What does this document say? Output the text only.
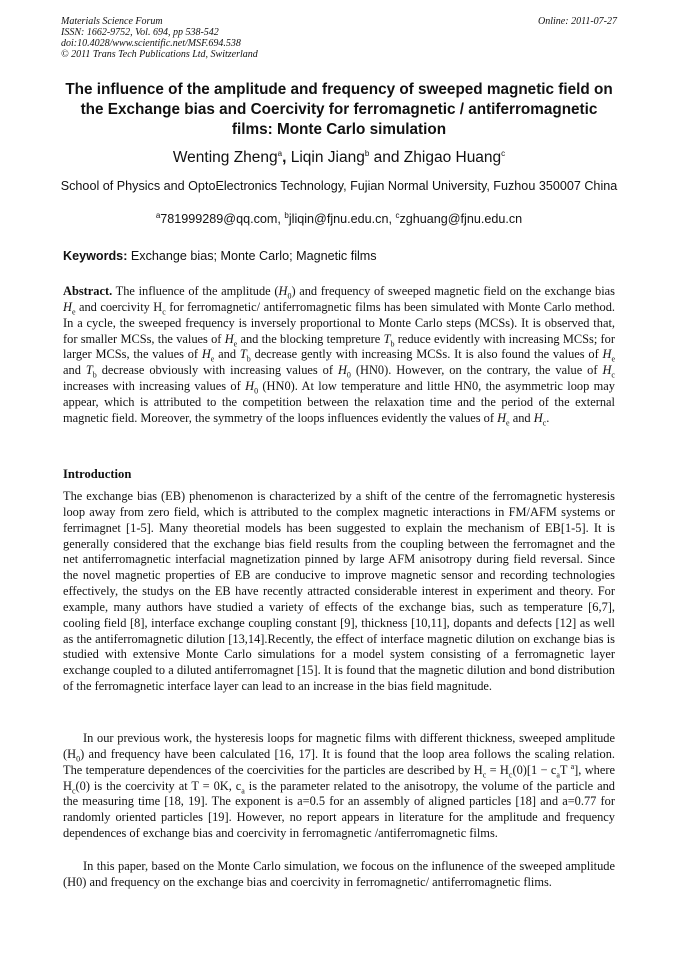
Materials Science Forum
ISSN: 1662-9752, Vol. 694, pp 538-542
doi:10.4028/www.scientific.net/MSF.694.538
© 2011 Trans Tech Publications Ltd, Switzerland
Online: 2011-07-27
The influence of the amplitude and frequency of sweeped magnetic field on the Exchange bias and Coercivity for ferromagnetic / antiferromagnetic films: Monte Carlo simulation
Wenting Zheng$^a$, Liqin Jiang$^b$ and Zhigao Huang$^c$
School of Physics and OptoElectronics Technology, Fujian Normal University, Fuzhou 350007 China
$^a$781999289@qq.com, $^b$jliqin@fjnu.edu.cn, $^c$zghuang@fjnu.edu.cn
Keywords: Exchange bias; Monte Carlo; Magnetic films
Abstract. The influence of the amplitude $(H_0)$ and frequency of sweeped magnetic field on the exchange bias $H_e$ and coercivity $H_c$ for ferromagnetic/ antiferromagnetic films has been simulated with Monte Carlo method. In a cycle, the sweeped frequency is inversely proportional to Monte Carlo steps (MCSs). It is observed that, for smaller MCSs, the values of $H_e$ and the blocking tempreture $T_b$ reduce evidently with increasing MCSs; for larger MCSs, the values of $H_e$ and $T_b$ decrease gently with increasing MCSs. It is also found the values of $H_e$ and $T_b$ decrease obviously with increasing values of $H_0$ (HN0). However, on the contrary, the value of $H_c$ increases with increasing values of $H_0$ (HN0). At low temperature and little HN0, the asymmetric loop may appear, which is attributed to the competition between the relaxation time and the period of the external magnetic field. Moreover, the symmetry of the loops influences evidently the values of $H_e$ and $H_c$.
Introduction
The exchange bias (EB) phenomenon is characterized by a shift of the centre of the ferromagnetic hysteresis loop away from zero field, which is attributed to the complex magnetic interactions in FM/AFM systems or ferrimagnet [1-5]. Many theoretial models has been suggested to explain the mechanism of EB[1-5]. It is generally considered that the exchange bias field results from the coupling between the ferromagnet and the net antiferromagnetic interfacial magnetization pinned by large AFM anisotropy during field reversal. Since the novel magnetic properties of EB are conducive to improve magnetic sensor and recording technologies effectively, the studys on the EB have recently attracted considerable interest in experiment and theory. For example, many authors have studied a variety of effects of the exchange bias, such as temperature [6,7], cooling field [8], interface exchange coupling constant [9], thickness [10,11], dopants and defects [12] as well as the antiferromagnetic dilution [13,14].Recently, the effect of interface magnetic dilution on exchange bias is studied with extensive Monte Carlo simulations for a model system consisting of a ferromagnetic layer exchange coupled to a diluted antiferromagnet [15]. It is found that the magnetic dilution and bond distribution of the ferromagnetic interface layer can lead to an increase in the bias field magnitude.
In our previous work, the hysteresis loops for magnetic films with different thickness, sweeped amplitude $(H_0)$ and frequency have been calculated [16, 17]. It is found that the loop area follows the scaling relation. The temperature dependences of the coercivities for the particles are described by $H_c = H_c(0)[1 - c_aT$ $^a$], where $H_c(0)$ is the coercivity at T = 0K, $c_a$ is the parameter related to the anisotropy, the volume of the particle and the measuring time [18, 19]. The exponent is a=0.5 for an assembly of aligned particles [18] and a=0.77 for randomly oriented particles [19]. However, no report appears in literature for the amplitude and frequency dependences of exchange bias and coercivity in ferromagnetic /antiferromagnetic films.
In this paper, based on the Monte Carlo simulation, we focous on the influnence of the sweeped amplitude (H0) and frequency on the exchange bias and coercivity in ferromagnetic/ antiferromagnetic flims.
